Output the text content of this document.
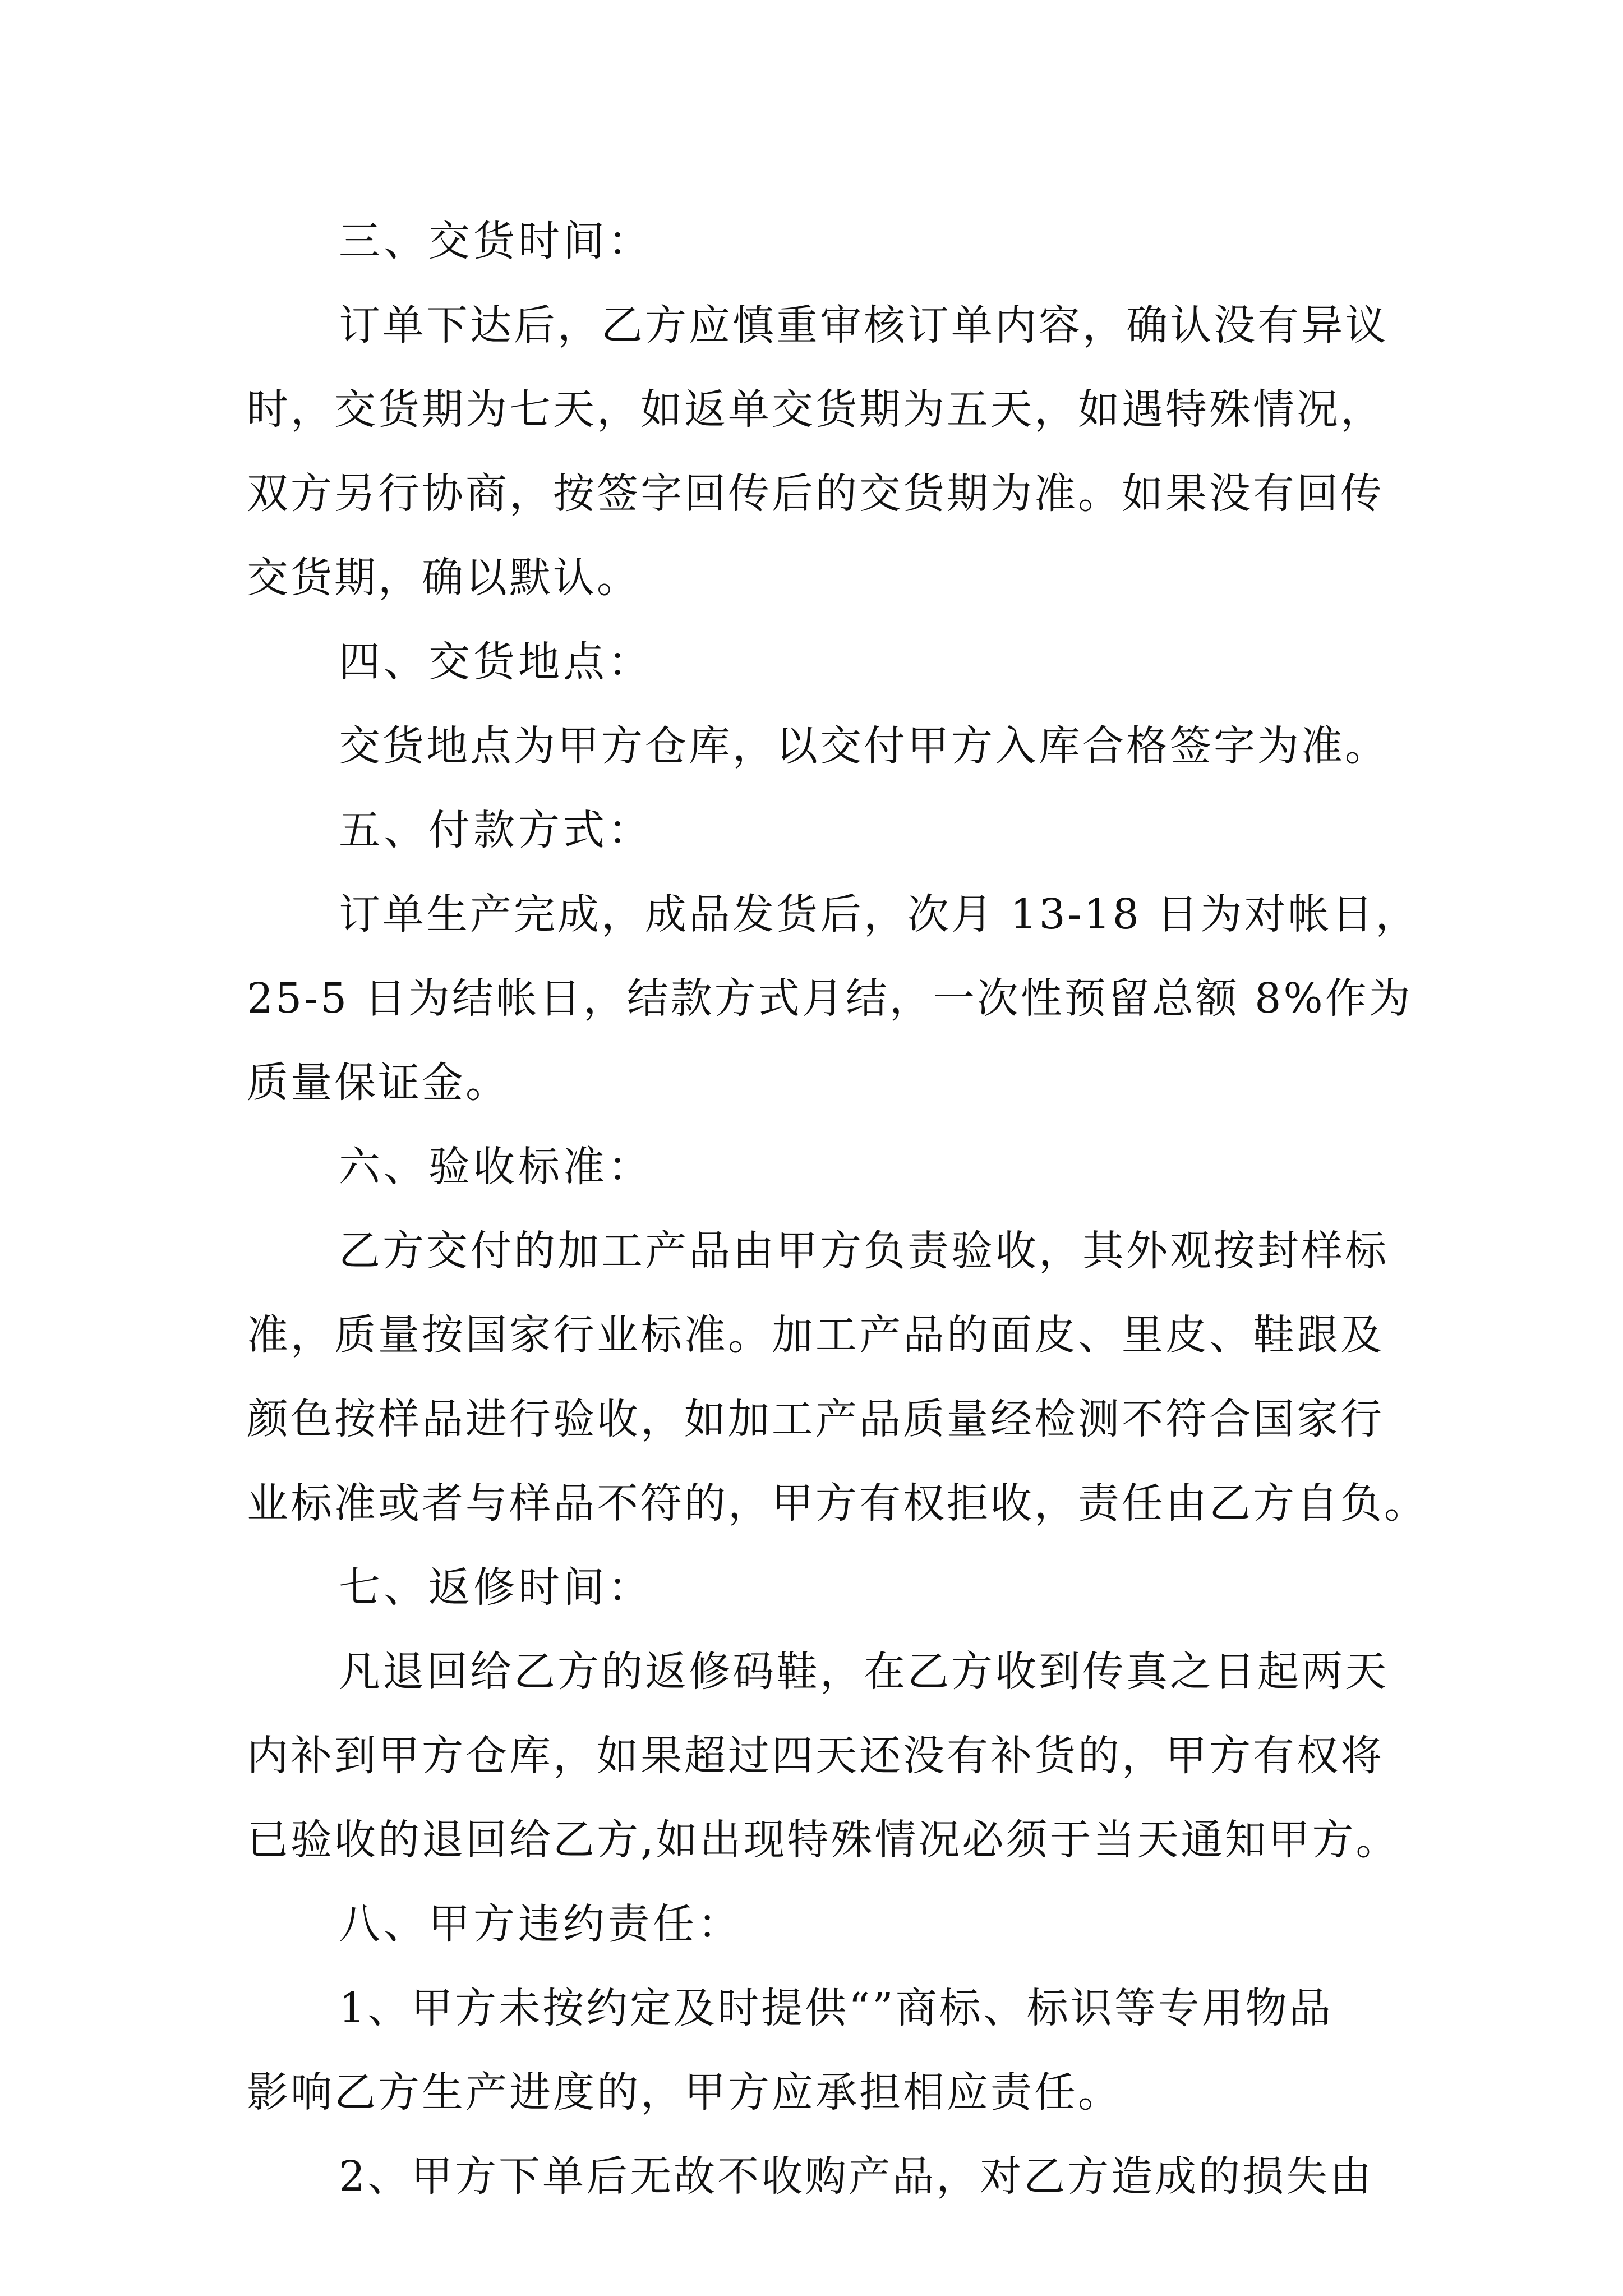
三、交货时间：
订单下达后，乙方应慎重审核订单内容，确认没有异议
时，交货期为七天，如返单交货期为五天，如遇特殊情况，
双方另行协商，按签字回传后的交货期为准。如果没有回传
交货期，确以默认。
四、交货地点：
交货地点为甲方仓库，以交付甲方入库合格签字为准。
五、付款方式：
订单生产完成，成品发货后，次月 13-18 日为对帐日，
25-5 日为结帐日，结款方式月结，一次性预留总额 8%作为
质量保证金。
六、验收标准：
乙方交付的加工产品由甲方负责验收，其外观按封样标
准，质量按国家行业标准。加工产品的面皮、里皮、鞋跟及
颜色按样品进行验收，如加工产品质量经检测不符合国家行
业标准或者与样品不符的，甲方有权拒收，责任由乙方自负。
七、返修时间：
凡退回给乙方的返修码鞋，在乙方收到传真之日起两天
内补到甲方仓库，如果超过四天还没有补货的，甲方有权将
已验收的退回给乙方,如出现特殊情况必须于当天通知甲方。
八、甲方违约责任：
1、甲方未按约定及时提供“”商标、标识等专用物品
影响乙方生产进度的，甲方应承担相应责任。
2、甲方下单后无故不收购产品，对乙方造成的损失由
